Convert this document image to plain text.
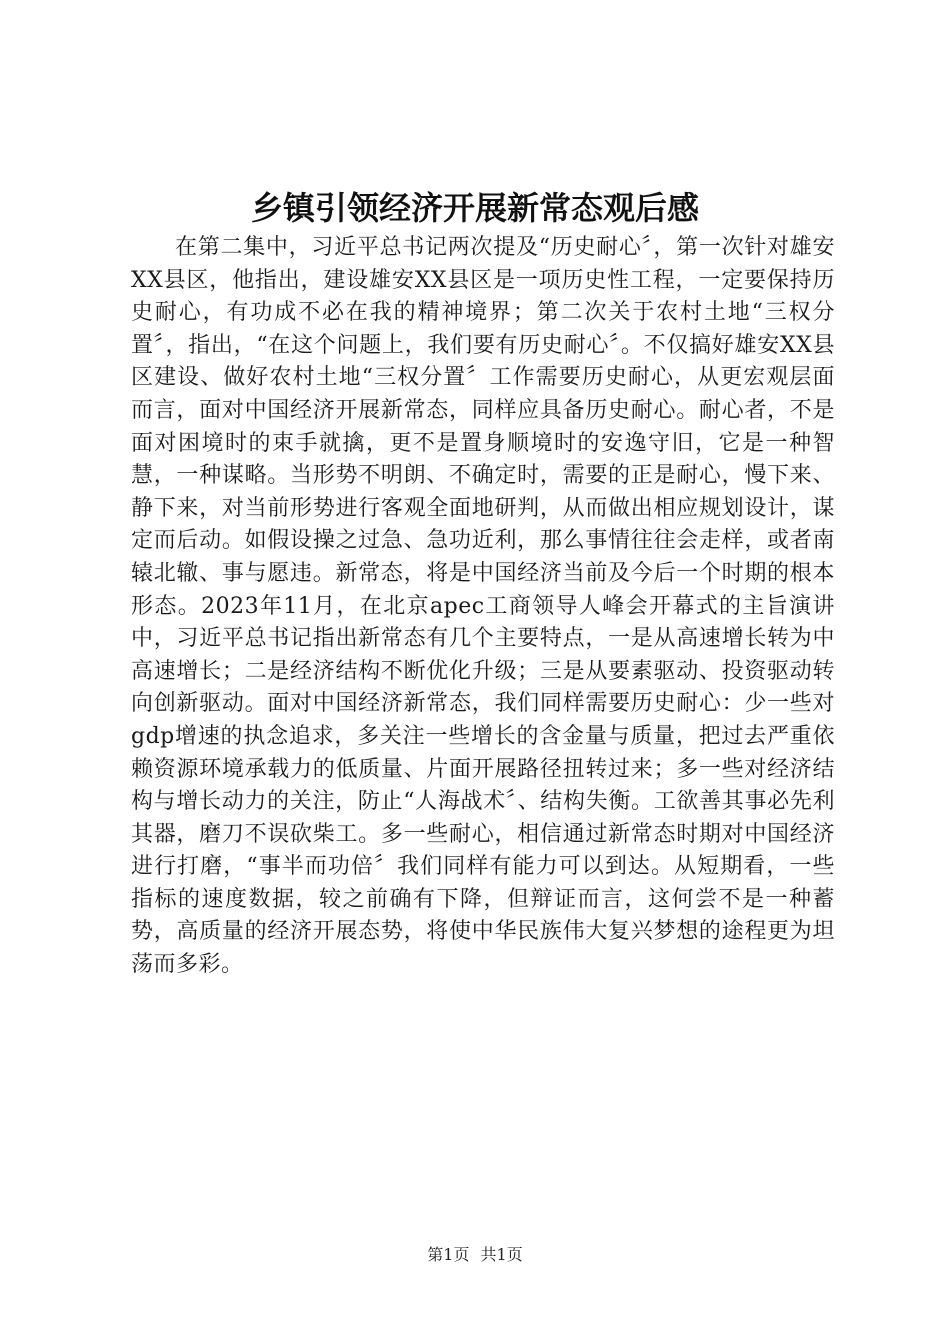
乡镇引领经济开展新常态观后感

在第二集中，习近平总书记两次提及“历史耐心〞，第一次针对雄安XX县区，他指出，建设雄安XX县区是一项历史性工程，一定要保持历史耐心，有功成不必在我的精神境界；第二次关于农村土地“三权分置〞，指出，“在这个问题上，我们要有历史耐心〞。不仅搞好雄安XX县区建设、做好农村土地“三权分置〞工作需要历史耐心，从更宏观层面而言，面对中国经济开展新常态，同样应具备历史耐心。耐心者，不是面对困境时的束手就擒，更不是置身顺境时的安逸守旧，它是一种智慧，一种谋略。当形势不明朗、不确定时，需要的正是耐心，慢下来、静下来，对当前形势进行客观全面地研判，从而做出相应规划设计，谋定而后动。如假设操之过急、急功近利，那么事情往往会走样，或者南辕北辙、事与愿违。新常态，将是中国经济当前及今后一个时期的根本形态。2023年11月，在北京apec工商领导人峰会开幕式的主旨演讲中，习近平总书记指出新常态有几个主要特点，一是从高速增长转为中高速增长；二是经济结构不断优化升级；三是从要素驱动、投资驱动转向创新驱动。面对中国经济新常态，我们同样需要历史耐心：少一些对gdp增速的执念追求，多关注一些增长的含金量与质量，把过去严重依赖资源环境承载力的低质量、片面开展路径扭转过来；多一些对经济结构与增长动力的关注，防止“人海战术〞、结构失衡。工欲善其事必先利其器，磨刀不误砍柴工。多一些耐心，相信通过新常态时期对中国经济进行打磨，“事半而功倍〞我们同样有能力可以到达。从短期看，一些指标的速度数据，较之前确有下降，但辩证而言，这何尝不是一种蓄势，高质量的经济开展态势，将使中华民族伟大复兴梦想的途程更为坦荡而多彩。

第1页 共1页
